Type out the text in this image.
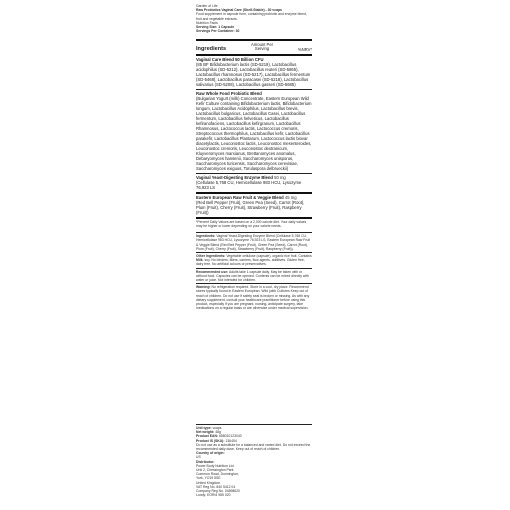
Garden of Life
Raw Probiotics Vaginal Care (Shelf-Stable) - 30 vcaps
Food supplement in capsule form, containing probiotic and enzyme blend, fruit and vegetable extracts.
Nutrition Facts
Serving Size: 1 Capsule
Servings Per Container: 30
Ingredients
Amount Per Serving	%NRV*
Vaginal Care Blend 50 Billion CFU
(85 BF Bifidobacterium lactis (SD-5219), Lactobacillus acidophilus (SD-5212), Lactobacillus reuteri (SD-5865), Lactobacillus rhamnosus (SD-5217), Lactobacillus fermentum (SD-5468), Lactobacillus paracasei (SD-5218), Lactobacillus salivarius (SD-5208), Lactobacillus gasseri (SD-5685)
Raw Whole Food Probiotic Blend
(Bulgarian Yogurt (milk) Concentrate, Eastern European Wild Kefir Culture containing Bifidobacterium lactis, Bifidobacterium longum, Lactobacillus Acidophilus, Lactobacillus brevis, Lactobacillus bulgaricus, Lactobacillus Casei, Lactobacillus fermentum, Lactobacillus helveticus, Lactobacillus kefiranofaciens, Lactobacillus kefirgranum, Lactobacillus Rhamnosus, Lactococcus lactis, Lactococcus cremoris, Streptococcus thermophilus, Lactobacillus kefir, Lactobacillus parakefir, Lactobacillus Plantarum, Lactococcus lactis biovar diacetylactis, Leuconostoc lactis, Leuconostoc mesenteroides, Leuconostoc cremoris, Leuconostoc dextranicum, Kluyveromyces marxianus, Brettanomyces anomalus, Debaryomyces hansenii, Saccharomyces unisporus, Saccharomyces turicensis, Saccharomyces cerevisiae, Saccharomyces exiguus, Torulaspora delbrueckii)
Vaginal Yeast-Digesting Enzyme Blend 50 mg
(Cellulase 5,768 CU, Hemicellulase 983 HCU, Lysozyme 76,923 LS
Eastern European Raw Fruit & Veggie Blend 45 mg
(Red Bell Pepper (Fruit), Green Pea (Seed), Carrot (Root), Plum (Fruit), Cherry (Fruit), Strawberry (Fruit), Raspberry (Fruit))
*Percent Daily Values are based on a 2,000 calorie diet. Your daily values may be higher or lower depending on your calorie needs.
Ingredients: Vaginal Yeast-Digesting Enzyme Blend (Cellulase 5,768 CU, Hemicellulase 983 HCU, Lysozyme 76,923 LS, Eastern European Raw Fruit & Veggie Blend (Red Bell Pepper (Fruit), Green Pea (Seed), Carrot (Root), Plum (Fruit), Cherry (Fruit), Strawberry (Fruit), Raspberry (Fruit)).
Other Ingredients: Vegetable cellulose (capsule), organic rice fruit. Contains Milk. soy. No binders, fillers, carriers, flow agents, additives. Gluten free, dairy free. No artificial colours or preservatives.
Recommended use: Adults take 1 capsule daily. May be taken with or without food. Capsules can be opened. Contents can be mixed directly with water or juice. Not intended for children.
Warning: No refrigeration required. Store in a cool, dry place. Recommend stores typically found in Eastern European. Wild (with Cultures Keep out of reach of children. Do not use if safety seal is broken or missing. As with any dietary supplement, consult your healthcare practitioner before using this product, especially if you are pregnant, nursing, anticipate surgery, take medications on a regular basis or are otherwise under medical supervision.
Unit type: vcaps
Net weight: 48g
Product EAN: 658010123040
Product IS (SKU): 136454
Do not use as a substitute for a balanced and varied diet. Do not exceed the recommended daily dose. Keep out of reach of children.
Country of origin:
US
Distributor:
Power Body Nutrition Ltd.
Unit 2, Chessington Park
Common Road, Dunnington,
York, YO19 5SE
United Kingdom
VAT Reg No. 840 5412 04
Company Reg No. 04598620
Lundy: EORI4 985 020
